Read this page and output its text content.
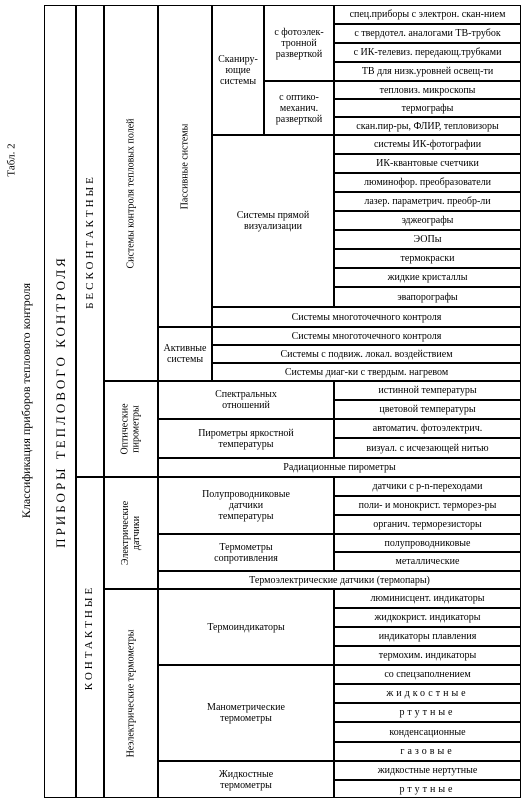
Табл. 2
Классификация приборов теплового контроля ПРИБОРЫ ТЕПЛОВОГО КОНТРОЛЯ
БЕСКОНТАКТНЫЕ
КОНТАКТНЫЕ
Системы контроля тепловых полей
Оптические
пирометры
Электрические
датчики
Неэлектрические термометры
Пассивные системы
Активные
системы
Сканиру-
ющие
системы
с фотоэлек-
тронной
разверткой
с оптико-
механич.
разверткой
спец.приборы с электрон. скан-нием
с твердотел. аналогами ТВ-трубок
с ИК-телевиз. передающ.трубками
ТВ для низк.уровней освещ-ти
тепловиз. микроскопы
термографы
скан.пир-ры, ФЛИР, тепловизоры
Системы прямой
визуализации
системы ИК-фотографии
ИК-квантовые счетчики
люминофор. преобразователи
лазер. параметрич. преобр-ли
эджеографы
ЭОПы
термокраски
жидкие кристаллы
эвапорографы
Системы многоточечного контроля
Системы многоточечного контроля
Системы с подвиж. локал. воздействием
Системы диаг-ки с твердым. нагревом
Спектральных
отношений
истинной температуры
цветовой температуры
Пирометры яркостной
температуры
автоматич. фотоэлектрич.
визуал. с исчезающей нитью
Радиационные пирометры
Полупроводниковые
датчики
температуры
датчики с p-n-переходами
поли- и монокрист. терморез-ры
органич. терморезисторы
Термометры
сопротивления
полупроводниковые
металлические
Термоэлектрические датчики (термопары)
Термоиндикаторы
люминисцент. индикаторы
жидкокрист. индикаторы
индикаторы плавления
термохим. индикаторы
Манометрические
термометры
со спецзаполнением
жидкостные
ртутные
конденсационные
газовые
Жидкостные
термометры
жидкостные нертутные
ртутные
